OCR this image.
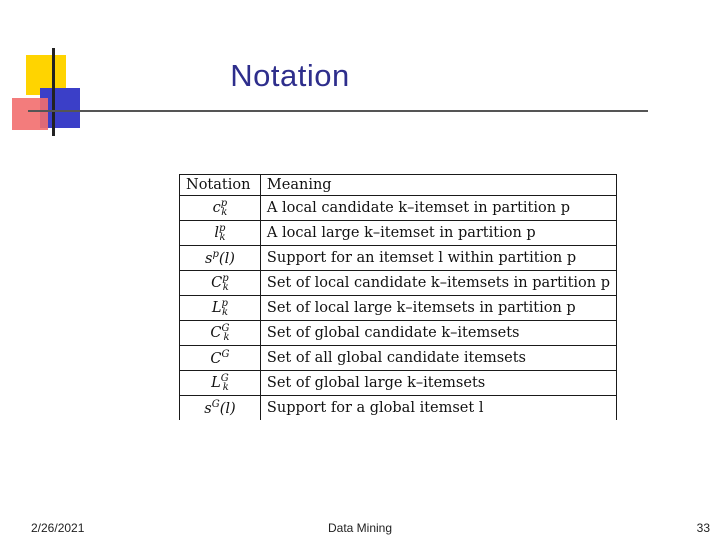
Notation
Notation	Meaning
$c^p_k$	A local candidate k–itemset in partition p
$l^p_k$	A local large k–itemset in partition p
$s^p(l)$	Support for an itemset l within partition p
$C^p_k$	Set of local candidate k–itemsets in partition p
$L^p_k$	Set of local large k–itemsets in partition p
$C^G_k$	Set of global candidate k–itemsets
$C^G$	Set of all global candidate itemsets
$L^G_k$	Set of global large k–itemsets
$s^G(l)$	Support for a global itemset l
2/26/2021	Data Mining	33
